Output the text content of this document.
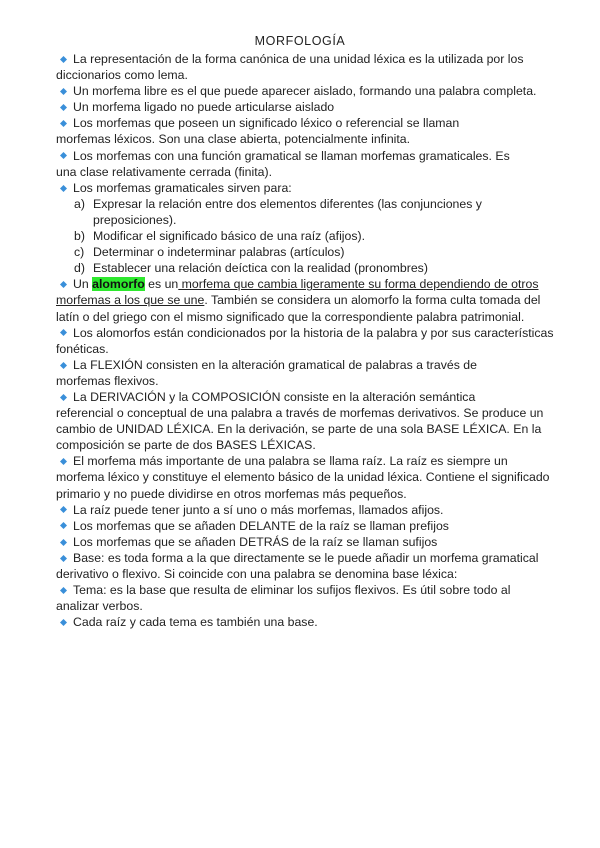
MORFOLOGÍA

La representación de la forma canónica de una unidad léxica es la utilizada por los diccionarios como lema.

Un morfema libre es el que puede aparecer aislado, formando una palabra completa.

Un morfema ligado no puede articularse aislado

Los morfemas que poseen un significado léxico o referencial se llaman
morfemas léxicos. Son una clase abierta, potencialmente infinita.

Los morfemas con una función gramatical se llaman morfemas gramaticales. Es
una clase relativamente cerrada (finita).

Los morfemas gramaticales sirven para:

a) Expresar la relación entre dos elementos diferentes (las conjunciones y preposiciones).
b) Modificar el significado básico de una raíz (afijos).
c) Determinar o indeterminar palabras (artículos)
d) Establecer una relación deíctica con la realidad (pronombres)

Un alomorfo es un morfema que cambia ligeramente su forma dependiendo de otros morfemas a los que se une. También se considera un alomorfo la forma culta tomada del latín o del griego con el mismo significado que la correspondiente palabra patrimonial.

Los alomorfos están condicionados por la historia de la palabra y por sus características fonéticas.

La FLEXIÓN consisten en la alteración gramatical de palabras a través de
morfemas flexivos.

La DERIVACIÓN y la COMPOSICIÓN consiste en la alteración semántica
referencial o conceptual de una palabra a través de morfemas derivativos. Se produce un cambio de UNIDAD LÉXICA. En la derivación, se parte de una sola BASE LÉXICA. En la composición se parte de dos BASES LÉXICAS.

El morfema más importante de una palabra se llama raíz. La raíz es siempre un morfema léxico y constituye el elemento básico de la unidad léxica. Contiene el significado primario y no puede dividirse en otros morfemas más pequeños.

La raíz puede tener junto a sí uno o más morfemas, llamados afijos.

Los morfemas que se añaden DELANTE de la raíz se llaman prefijos

Los morfemas que se añaden DETRÁS de la raíz se llaman sufijos

Base: es toda forma a la que directamente se le puede añadir un morfema gramatical derivativo o flexivo. Si coincide con una palabra se denomina base léxica:

Tema: es la base que resulta de eliminar los sufijos flexivos. Es útil sobre todo al analizar verbos.

Cada raíz y cada tema es también una base.
